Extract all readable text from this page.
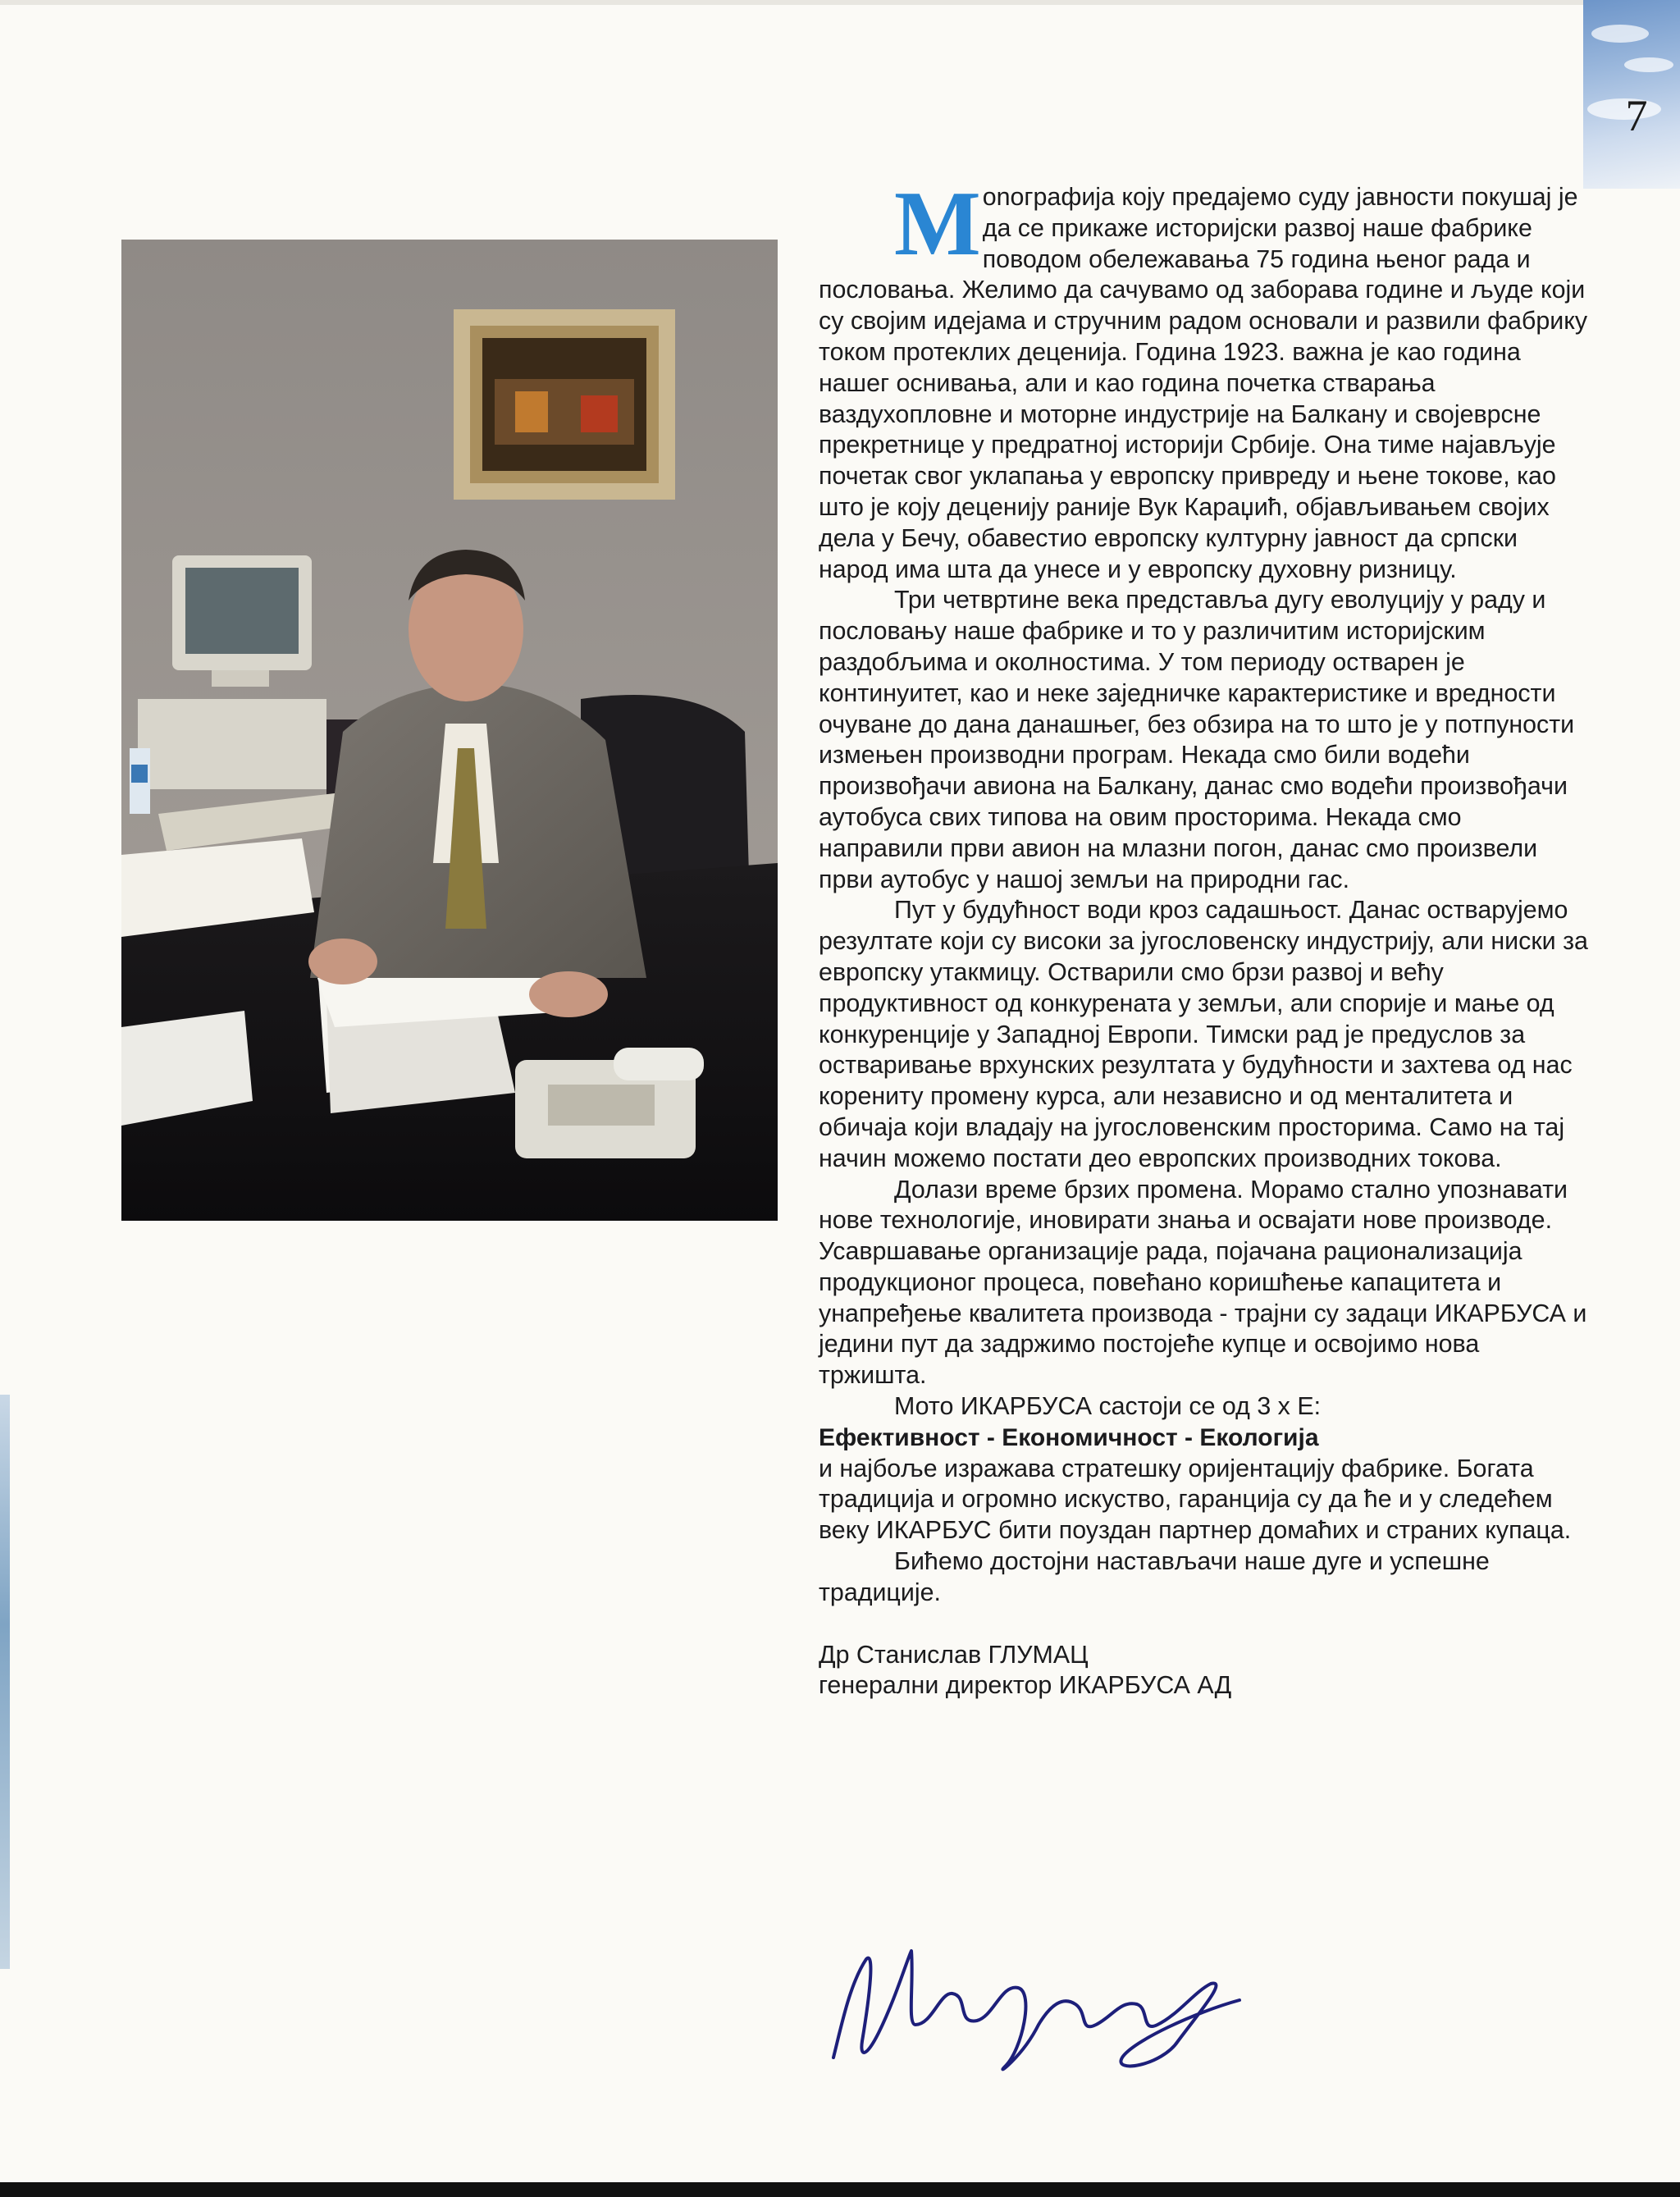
7
М оnографија коју предајемо суду јавности покушај је да се прикаже историјски развој наше фабрике поводом обележавања 75 година њеног рада и пословања. Желимо да сачувамо од заборава године и људе који су својим идејама и стручним радом основали и развили фабрику током протеклих деценија. Година 1923. важна је као година нашег оснивања, али и као година почетка стварања ваздухопловне и моторне индустрије на Балкану и својеврсне прекретнице у предратној историји Србије. Она тиме најављује почетак свог уклапања у европску привреду и њене токове, као што је коју деценију раније Вук Караџић, објављивањем својих дела у Бечу, обавестио европску културну јавност да српски народ има шта да унесе и у европску духовну ризницу.

Три четвртине века представља дугу еволуцију у раду и пословању наше фабрике и то у различитим историјским раздобљима и околностима. У том периоду остварен је континуитет, као и неке заједничке карактеристике и вредности очуване до дана данашњег, без обзира на то што је у потпуности измењен производни програм. Некада смо били водећи произвођачи авиона на Балкану, данас смо водећи произвођачи аутобуса свих типова на овим просторима. Некада смо направили први авион на млазни погон, данас смо произвели први аутобус у нашој земљи на природни гас.

Пут у будућност води кроз садашњост. Данас остварујемо резултате који су високи за југословенску индустрију, али ниски за европску утакмицу. Остварили смо брзи развој и већу продуктивност од конкурената у земљи, али спорије и мање од конкуренције у Западној Европи. Тимски рад је предуслов за остваривање врхунских резултата у будућности и захтева од нас корениту промену курса, али независно и од менталитета и обичаја који владају на југословенским просторима. Само на тај начин можемо постати део европских производних токова.

Долази време брзих промена. Морамо стално упознавати нове технологије, иновирати знања и освајати нове производе. Усавршавање организације рада, појачана рационализација продукционог процеса, повећано коришћење капацитета и унапређење квалитета производа - трајни су задаци ИКАРБУСА и једини пут да задржимо постојеће купце и освојимо нова тржишта.

Мото ИКАРБУСА састоји се од 3 х Е:

Ефективност - Економичност - Екологија

и најбоље изражава стратешку оријентацију фабрике. Богата традиција и огромно искуство, гаранција су да ће и у следећем веку ИКАРБУС бити поуздан партнер домаћих и страних купаца.

Бићемо достојни настављачи наше дуге и успешне традиције.

Др Станислав ГЛУМАЦ

генерални директор ИКАРБУСА АД
